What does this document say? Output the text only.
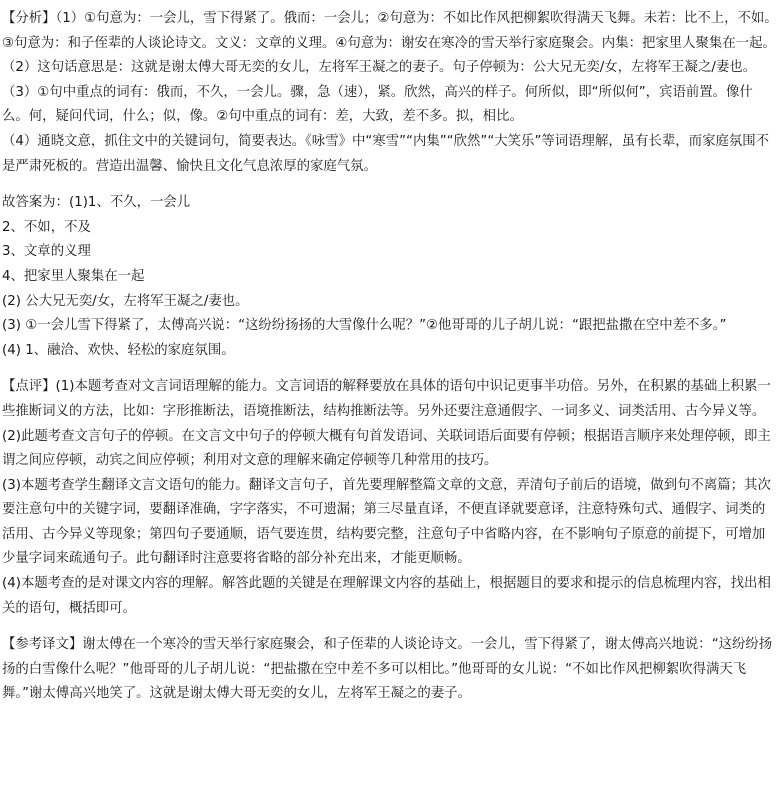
【分析】（1）①句意为：一会儿，雪下得紧了。俄而：一会儿；②句意为：不如比作风把柳絮吹得满天飞舞。未若：比不上，不如。③句意为：和子侄辈的人谈论诗文。文义：文章的义理。④句意为：谢安在寒冷的雪天举行家庭聚会。内集：把家里人聚集在一起。

（2）这句话意思是：这就是谢太傅大哥无奕的女儿，左将军王凝之的妻子。句子停顿为：公大兄无奕/女，左将军王凝之/妻也。

（3）①句中重点的词有：俄而，不久，一会儿。骤，急（速），紧。欣然，高兴的样子。何所似，即“所似何”，宾语前置。像什么。何，疑问代词，什么；似，像。②句中重点的词有：差，大致，差不多。拟，相比。

（4）通晓文意，抓住文中的关键词句，简要表达。《咏雪》中“寒雪”“内集”“欣然”“大笑乐”等词语理解，虽有长辈，而家庭氛围不是严肃死板的。营造出温馨、愉快且文化气息浓厚的家庭气氛。

故答案为：(1)1、不久，一会儿

2、不如，不及

3、文章的义理

4、把家里人聚集在一起

(2) 公大兄无奕/女，左将军王凝之/妻也。

(3) ①一会儿雪下得紧了，太傅高兴说：“这纷纷扬扬的大雪像什么呢？”②他哥哥的儿子胡儿说：“跟把盐撒在空中差不多。”

(4) 1、融洽、欢快、轻松的家庭氛围。

【点评】(1)本题考查对文言词语理解的能力。文言词语的解释要放在具体的语句中识记更事半功倍。另外，在积累的基础上积累一些推断词义的方法，比如：字形推断法，语境推断法，结构推断法等。另外还要注意通假字、一词多义、词类活用、古今异义等。

(2)此题考查文言句子的停顿。在文言文中句子的停顿大概有句首发语词、关联词语后面要有停顿；根据语言顺序来处理停顿，即主谓之间应停顿，动宾之间应停顿；利用对文意的理解来确定停顿等几种常用的技巧。

(3)本题考查学生翻译文言文语句的能力。翻译文言句子，首先要理解整篇文章的文意，弄清句子前后的语境，做到句不离篇；其次要注意句中的关键字词，要翻译准确，字字落实，不可遗漏；第三尽量直译，不便直译就要意译，注意特殊句式、通假字、词类的活用、古今异义等现象；第四句子要通顺，语气要连贯，结构要完整，注意句子中省略内容，在不影响句子原意的前提下，可增加少量字词来疏通句子。此句翻译时注意要将省略的部分补充出来，才能更顺畅。

(4)本题考查的是对课文内容的理解。解答此题的关键是在理解课文内容的基础上，根据题目的要求和提示的信息梳理内容，找出相关的语句，概括即可。

【参考译文】谢太傅在一个寒冷的雪天举行家庭聚会，和子侄辈的人谈论诗文。一会儿，雪下得紧了，谢太傅高兴地说：“这纷纷扬扬的白雪像什么呢？”他哥哥的儿子胡儿说：“把盐撒在空中差不多可以相比。”他哥哥的女儿说：“不如比作风把柳絮吹得满天飞舞。”谢太傅高兴地笑了。这就是谢太傅大哥无奕的女儿，左将军王凝之的妻子。
